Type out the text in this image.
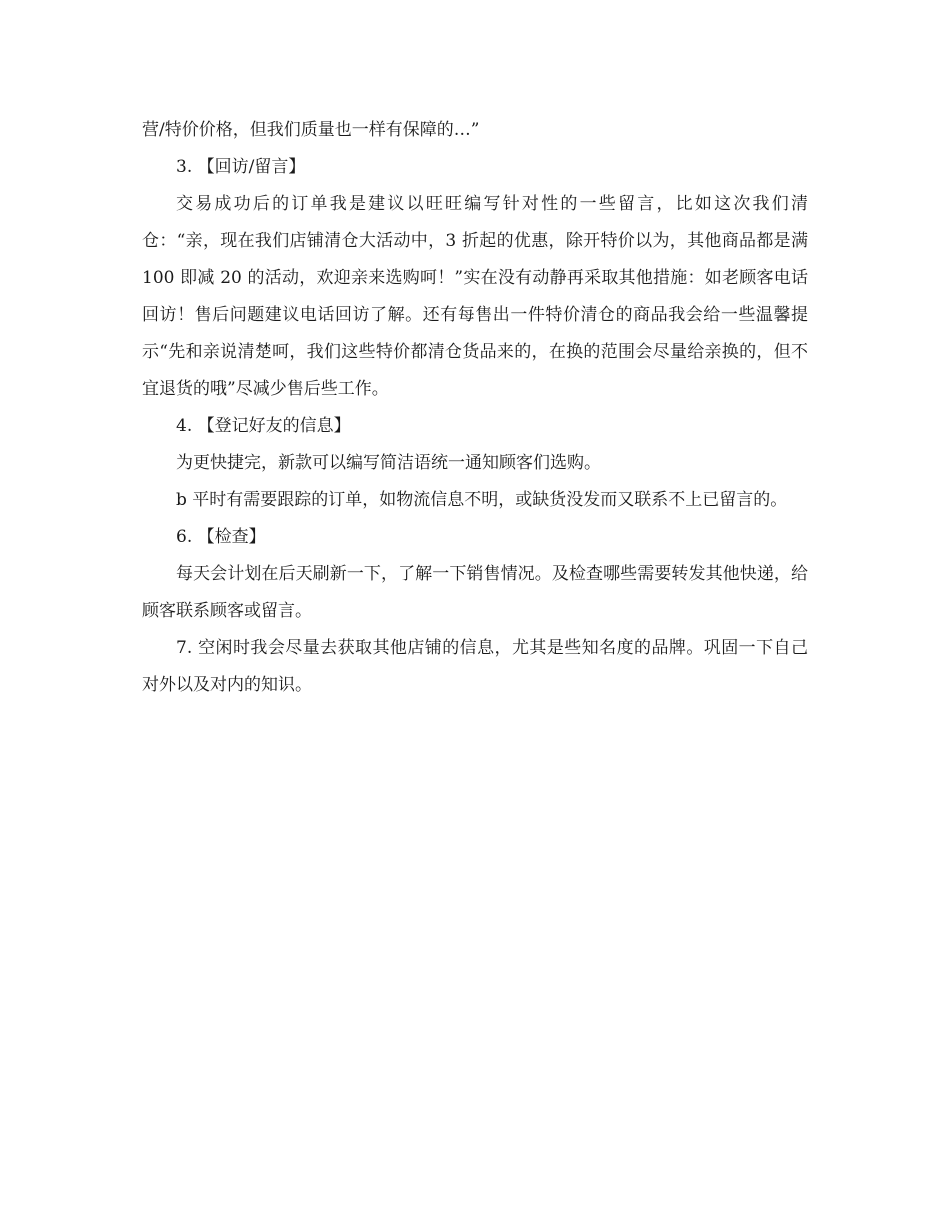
营/特价价格，但我们质量也一样有保障的…”

3. 【回访/留言】

交易成功后的订单我是建议以旺旺编写针对性的一些留言，比如这次我们清仓：“亲，现在我们店铺清仓大活动中，3 折起的优惠，除开特价以为，其他商品都是满 100 即减 20 的活动，欢迎亲来选购呵！”实在没有动静再采取其他措施：如老顾客电话回访！售后问题建议电话回访了解。还有每售出一件特价清仓的商品我会给一些温馨提示“先和亲说清楚呵，我们这些特价都清仓货品来的，在换的范围会尽量给亲换的，但不宜退货的哦”尽减少售后些工作。

4. 【登记好友的信息】

为更快捷完，新款可以编写简洁语统一通知顾客们选购。

b 平时有需要跟踪的订单，如物流信息不明，或缺货没发而又联系不上已留言的。

6. 【检查】

每天会计划在后天刷新一下，了解一下销售情况。及检查哪些需要转发其他快递，给顾客联系顾客或留言。

7. 空闲时我会尽量去获取其他店铺的信息，尤其是些知名度的品牌。巩固一下自己对外以及对内的知识。
